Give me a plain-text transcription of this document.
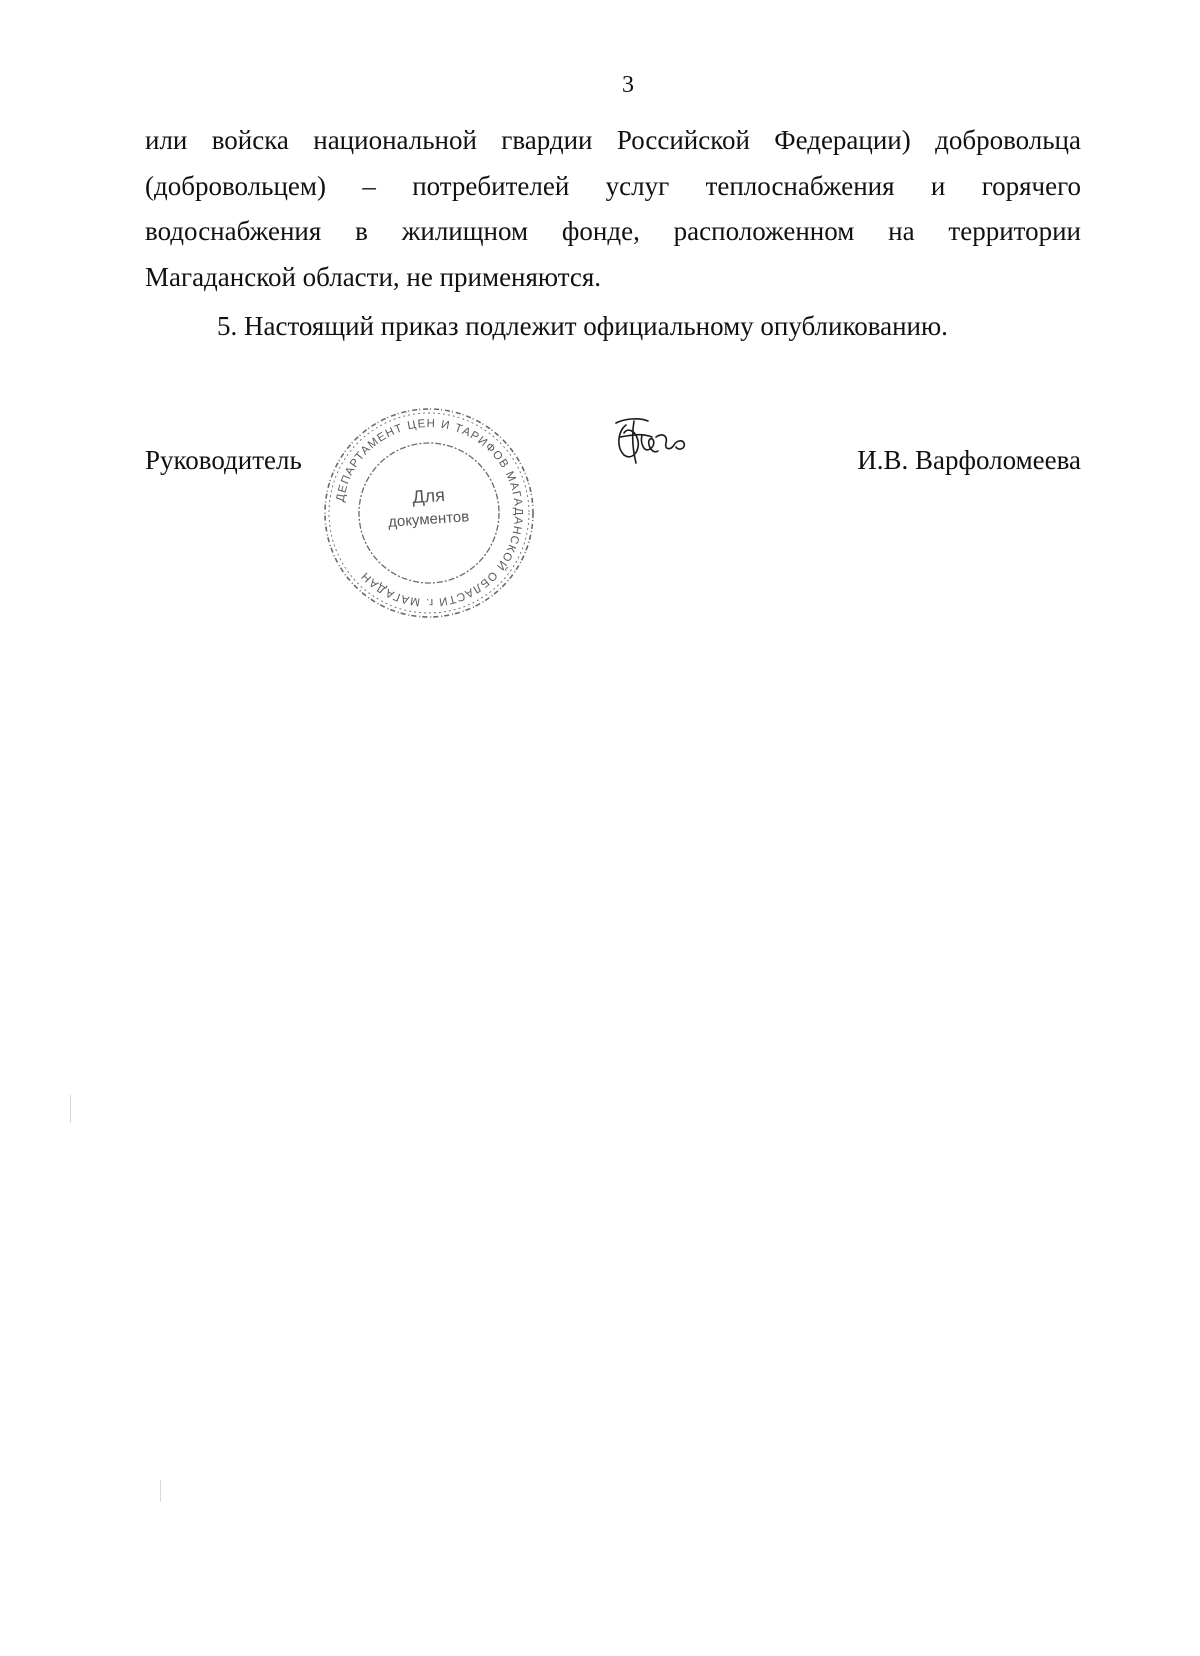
3
или войска национальной гвардии Российской Федерации) добровольца
(добровольцем) – потребителей услуг теплоснабжения и горячего
водоснабжения в жилищном фонде, расположенном на территории
Магаданской области, не применяются.
5. Настоящий приказ подлежит официальному опубликованию.
Руководитель
ДЕПАРТАМЕНТ ЦЕН И ТАРИФОВ МАГАДАНСКОЙ ОБЛАСТИ г. МАГАДАН
Для
документов
И.В. Варфоломеева
